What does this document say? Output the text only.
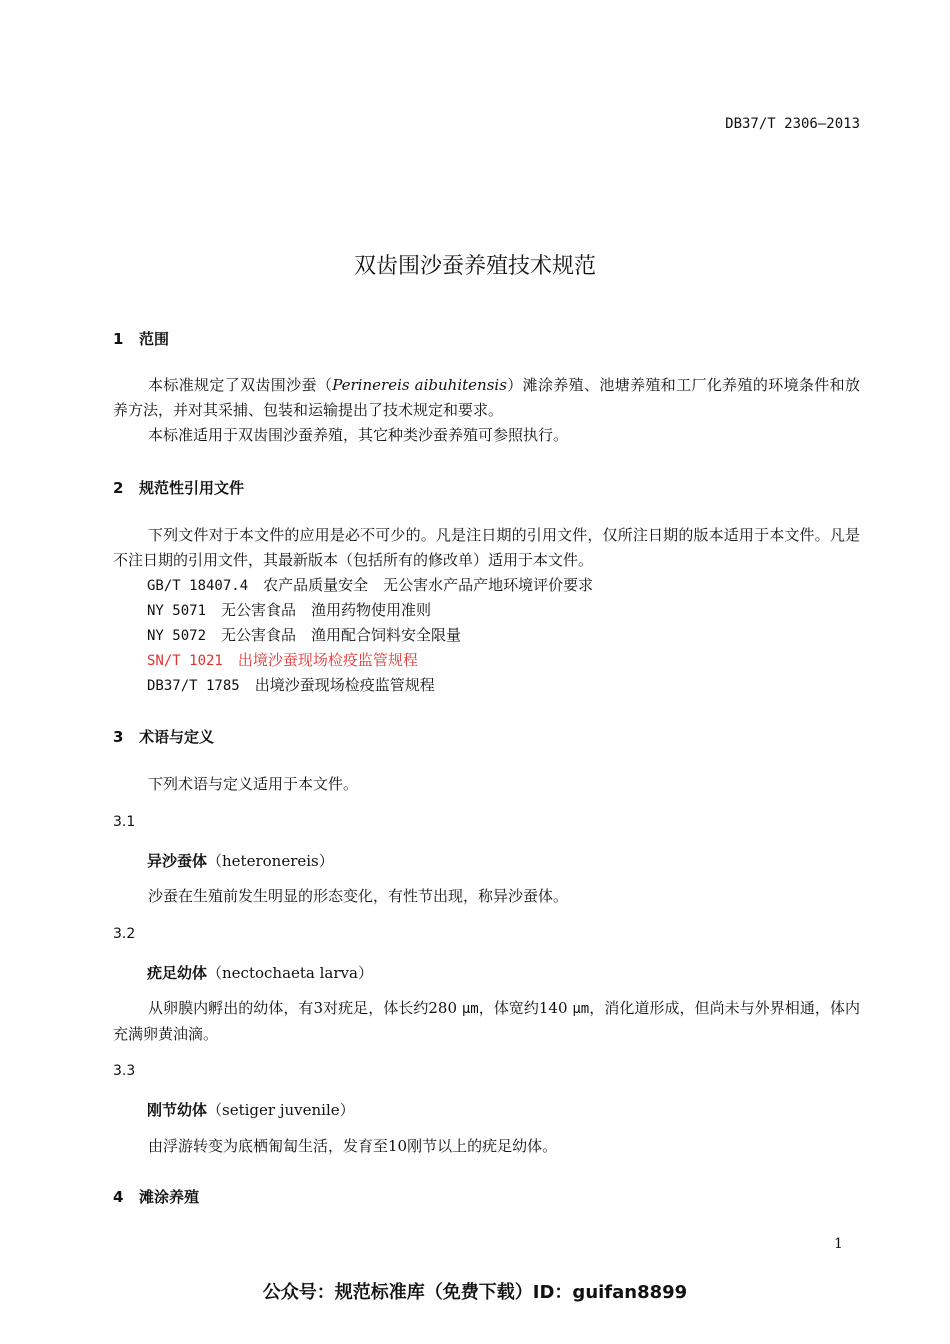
DB37/T 2306—2013
双齿围沙蚕养殖技术规范
1 范围
本标准规定了双齿围沙蚕（Perinereis aibuhitensis）滩涂养殖、池塘养殖和工厂化养殖的环境条件和放养方法，并对其采捕、包装和运输提出了技术规定和要求。
本标准适用于双齿围沙蚕养殖，其它种类沙蚕养殖可参照执行。
2 规范性引用文件
下列文件对于本文件的应用是必不可少的。凡是注日期的引用文件，仅所注日期的版本适用于本文件。凡是不注日期的引用文件，其最新版本（包括所有的修改单）适用于本文件。
GB/T 18407.4  农产品质量安全　无公害水产品产地环境评价要求
NY 5071  无公害食品　渔用药物使用准则
NY 5072  无公害食品　渔用配合饲料安全限量
SN/T 1021  出境沙蚕现场检疫监管规程
DB37/T 1785  出境沙蚕现场检疫监管规程
3 术语与定义
下列术语与定义适用于本文件。
3.1
异沙蚕体（heteronereis）
沙蚕在生殖前发生明显的形态变化，有性节出现，称异沙蚕体。
3.2
疣足幼体（nectochaeta larva）
从卵膜内孵出的幼体，有3对疣足，体长约280 μm，体宽约140 μm，消化道形成，但尚未与外界相通，体内充满卵黄油滴。
3.3
刚节幼体（setiger juvenile）
由浮游转变为底栖匍匐生活，发育至10刚节以上的疣足幼体。
4 滩涂养殖
1
公众号：规范标准库（免费下载）ID：guifan8899
